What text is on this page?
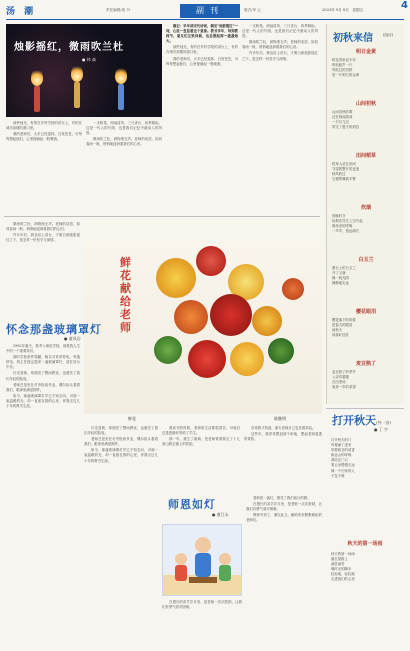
汤 潮	责任编辑/周 丹	副刊	版式/李 云	2023年 9月 8日　星期五	4
烛影摇红，微雨吹兰杜
● 林 森

题记：早年读宋代诗词，偶见“烛影摇红”一词，心里一直挂着这个意象。教书多年，每到教师节，朋友们互致问候，也总想起那一盏盏烛火。

那些烛光，有的在乡村学校的讲台上，有的在城市高楼的窗口里。

我的老师们，大多已经退休，白发苍苍，可每每想起他们，心里便涌起一股暖流。

一支粉笔，两袖清风，三尺讲台，四季耕耘。这是一代人的写照，也是我们记忆中最动人的风景。

微雨吹兰杜，润物细无声。老师的话语，如同春雨一般，悄悄地浸润着我们的心田。

许多年后，我也站上讲台，才明白那烛影摇红之下，是怎样一份坚守与深情。

那些烛光，有的在乡村学校的讲台上，有的在城市高楼的窗口里。

我的老师们，大多已经退休，白发苍苍，可每每想起他们，心里便涌起一股暖流。

一支粉笔，两袖清风，三尺讲台，四季耕耘。这是一代人的写照，也是我们记忆中最动人的风景。

微雨吹兰杜，润物细无声。老师的话语，如同春雨一般，悄悄地浸润着我们的心田。

鲜花献给老师
鲜花	陈继明

微雨吹兰杜，润物细无声。老师的话语，如同春雨一般，悄悄地浸润着我们的心田。

许多年后，我也站上讲台，才明白那烛影摇红之下，是怎样一份坚守与深情。

怀念那盏玻璃罩灯
● 童风岩

1982年夏天，我考入师范学校，那是我人生中的一个重要转折。

那时学校条件简陋，晚自习常常停电。每逢停电，班主任便会提来一盏玻璃罩灯，放在讲台中央。

灯光昏黄，却照亮了整间教室，也照亮了我们年轻的脸庞。

老师总是坐在灯旁批改作业，偶尔抬头看看我们，眼神里满是期许。

如今，那盏玻璃罩灯早已不知去向，可那一束温暖的光，却一直留在我的心里，伴我走过几十年的教书生涯。

灯光昏黄，却照亮了整间教室，也照亮了我们年轻的脸庞。

老师总是坐在灯旁批改作业，偶尔抬头看看我们，眼神里满是期许。

如今，那盏玻璃罩灯早已不知去向，可那一束温暖的光，却一直留在我的心里，伴我走过几十年的教书生涯。

我读书的时候，老师的生活都很清苦，可他们总是把最好的给了学生。

那一年，我生了重病，是老师背着我走了十几里山路去镇上的医院。

后来我才知道，那天老师自己也发着高烧。

这些年，我常常想起那个雨夜，想起老师湿透的背影。

师恩如灯
● 唐江永

老师是一盏灯，照亮了我们前行的路。

在漫长的求学岁月里，是老师一次次鼓励，让我们有勇气面对困难。

教师节到了，谨以此文，献给所有默默耕耘的老师们。

在漫长的求学岁月里，是老师一次次鼓励，让我们有勇气面对困难。

初秋来信	(组诗)
明日金黄
稻花香里说丰年
听取蛙声一片
风吹过的田野
是一片明日的金黄
山间初秋
山间初秋的雾
还在林间游荡
一只鸟飞过
带走了夏天的消息
田间稻草
稻草人站在田间
守望着整片的麦浪
秋风吹过
它便挥舞着手臂
炊烟
傍晚时分
炊烟在村庄上空升起
像母亲的呼唤
一声声，悠远绵长
白玉兰
窗台上的白玉兰
开了又谢
像一段光阴
静静地走远
樱花眼泪
樱花落下的时候
是春天的眼泪
而秋天
用落叶回应
麦豆熟了
麦豆熟了的季节
父亲弯着腰
在田垄间
收获一年的希望
打开秋天(外一首)
● 丁 宇
打开秋天的门
风便涌了进来
带着稻谷的清香
和远山的呼唤
我站在门口
看云朵慢慢走远
像一个归家的人
不急不缓
秋天的第一场雨
秋天的第一场雨
落在屋檐上
滴答滴答
像时光的脚步
轻轻地，轻轻地
走进我们的心里
